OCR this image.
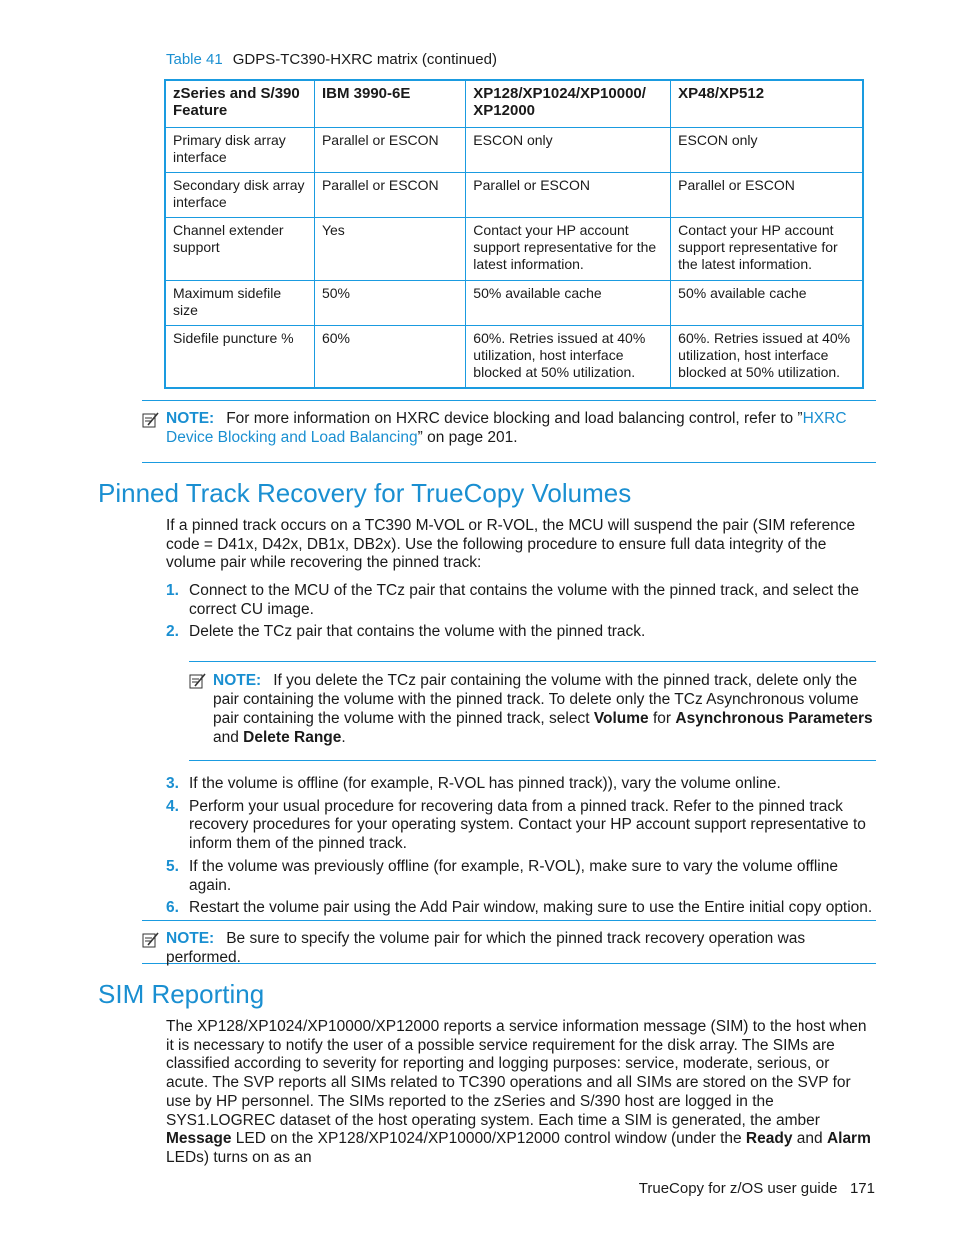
Table 41 GDPS-TC390-HXRC matrix (continued)
zSeries and S/390 Feature	IBM 3990-6E	XP128/XP1024/XP10000/ XP12000	XP48/XP512
Primary disk array interface	Parallel or ESCON	ESCON only	ESCON only
Secondary disk array interface	Parallel or ESCON	Parallel or ESCON	Parallel or ESCON
Channel extender support	Yes	Contact your HP account support representative for the latest information.	Contact your HP account support representative for the latest information.
Maximum sidefile size	50%	50% available cache	50% available cache
Sidefile puncture %	60%	60%. Retries issued at 40% utilization, host interface blocked at 50% utilization.	60%. Retries issued at 40% utilization, host interface blocked at 50% utilization.
NOTE: For more information on HXRC device blocking and load balancing control, refer to ”HXRC Device Blocking and Load Balancing” on page 201.
Pinned Track Recovery for TrueCopy Volumes
If a pinned track occurs on a TC390 M-VOL or R-VOL, the MCU will suspend the pair (SIM reference code = D41x, D42x, DB1x, DB2x). Use the following procedure to ensure full data integrity of the volume pair while recovering the pinned track:
1. Connect to the MCU of the TCz pair that contains the volume with the pinned track, and select the correct CU image.
2. Delete the TCz pair that contains the volume with the pinned track.
NOTE: If you delete the TCz pair containing the volume with the pinned track, delete only the pair containing the volume with the pinned track. To delete only the TCz Asynchronous volume pair containing the volume with the pinned track, select Volume for Asynchronous Parameters and Delete Range.
3. If the volume is offline (for example, R-VOL has pinned track)), vary the volume online.
4. Perform your usual procedure for recovering data from a pinned track. Refer to the pinned track recovery procedures for your operating system. Contact your HP account support representative to inform them of the pinned track.
5. If the volume was previously offline (for example, R-VOL), make sure to vary the volume offline again.
6. Restart the volume pair using the Add Pair window, making sure to use the Entire initial copy option.
NOTE: Be sure to specify the volume pair for which the pinned track recovery operation was performed.
SIM Reporting
The XP128/XP1024/XP10000/XP12000 reports a service information message (SIM) to the host when it is necessary to notify the user of a possible service requirement for the disk array. The SIMs are classified according to severity for reporting and logging purposes: service, moderate, serious, or acute. The SVP reports all SIMs related to TC390 operations and all SIMs are stored on the SVP for use by HP personnel. The SIMs reported to the zSeries and S/390 host are logged in the SYS1.LOGREC dataset of the host operating system. Each time a SIM is generated, the amber Message LED on the XP128/XP1024/XP10000/XP12000 control window (under the Ready and Alarm LEDs) turns on as an
TrueCopy for z/OS user guide 171
